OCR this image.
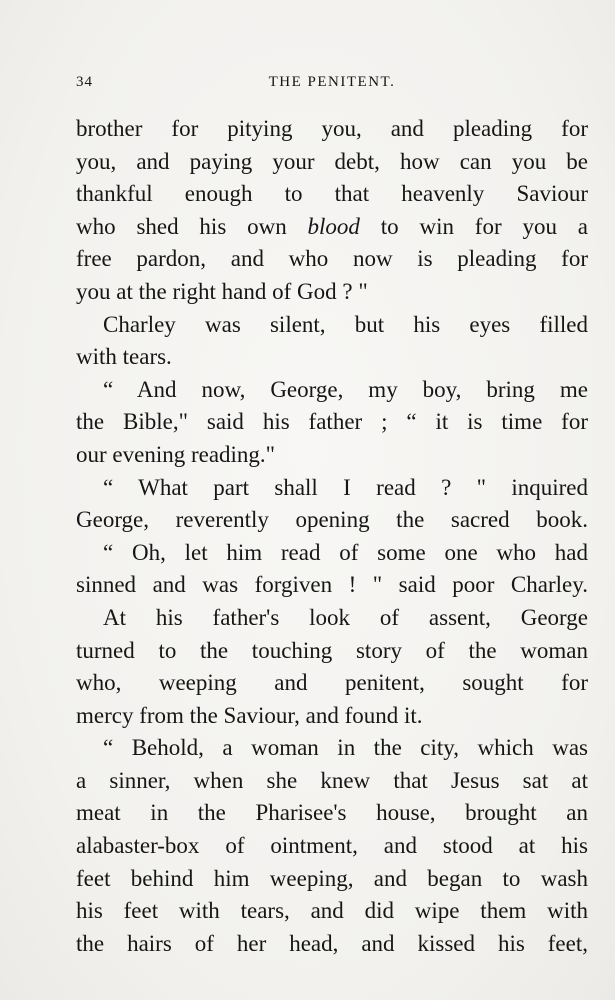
34	THE PENITENT.
brother for pitying you, and pleading for
you, and paying your debt, how can you be
thankful enough to that heavenly Saviour
who shed his own blood to win for you a
free pardon, and who now is pleading for
you at the right hand of God ? "
Charley was silent, but his eyes filled
with tears.
“ And now, George, my boy, bring me
the Bible," said his father ; “ it is time for
our evening reading."
“ What part shall I read ? " inquired
George, reverently opening the sacred book.
“ Oh, let him read of some one who had
sinned and was forgiven ! " said poor Charley.
At his father's look of assent, George
turned to the touching story of the woman
who, weeping and penitent, sought for
mercy from the Saviour, and found it.
“ Behold, a woman in the city, which was
a sinner, when she knew that Jesus sat at
meat in the Pharisee's house, brought an
alabaster-box of ointment, and stood at his
feet behind him weeping, and began to wash
his feet with tears, and did wipe them with
the hairs of her head, and kissed his feet,
